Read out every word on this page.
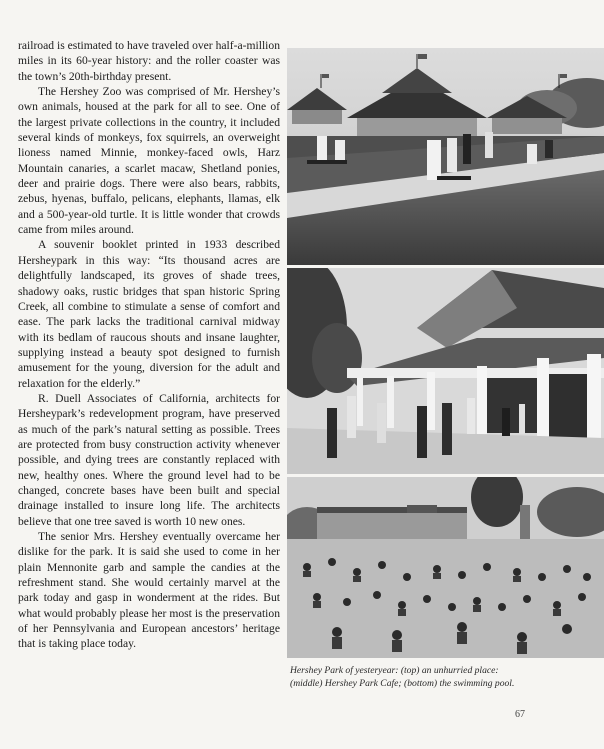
railroad is estimated to have traveled over half-a-million miles in its 60-year history: and the roller coaster was the town’s 20th-birthday present.

The Hershey Zoo was comprised of Mr. Hershey’s own animals, housed at the park for all to see. One of the largest private collections in the country, it included several kinds of monkeys, fox squirrels, an overweight lioness named Minnie, monkey-faced owls, Harz Mountain canaries, a scarlet macaw, Shetland ponies, deer and prairie dogs. There were also bears, rabbits, zebus, hyenas, buffalo, pelicans, elephants, llamas, elk and a 500-year-old turtle. It is little wonder that crowds came from miles around.

A souvenir booklet printed in 1933 described Hersheypark in this way: “Its thousand acres are delightfully landscaped, its groves of shade trees, shadowy oaks, rustic bridges that span historic Spring Creek, all combine to stimulate a sense of comfort and ease. The park lacks the traditional carnival midway with its bedlam of raucous shouts and insane laughter, supplying instead a beauty spot designed to furnish amusement for the young, diversion for the adult and relaxation for the elderly.”

R. Duell Associates of California, architects for Hersheypark’s redevelopment program, have preserved as much of the park’s natural setting as possible. Trees are protected from busy construction activity whenever possible, and dying trees are constantly replaced with new, healthy ones. Where the ground level had to be changed, concrete bases have been built and special drainage installed to insure long life. The architects believe that one tree saved is worth 10 new ones.

The senior Mrs. Hershey eventually overcame her dislike for the park. It is said she used to come in her plain Mennonite garb and sample the candies at the refreshment stand. She would certainly marvel at the park today and gasp in wonderment at the rides. But what would probably please her most is the preservation of her Pennsylvania and European ancestors’ heritage that is taking place today.

Hershey Park of yesteryear: (top) an unhurried place:
(middle) Hershey Park Cafe; (bottom) the swimming pool.
67
